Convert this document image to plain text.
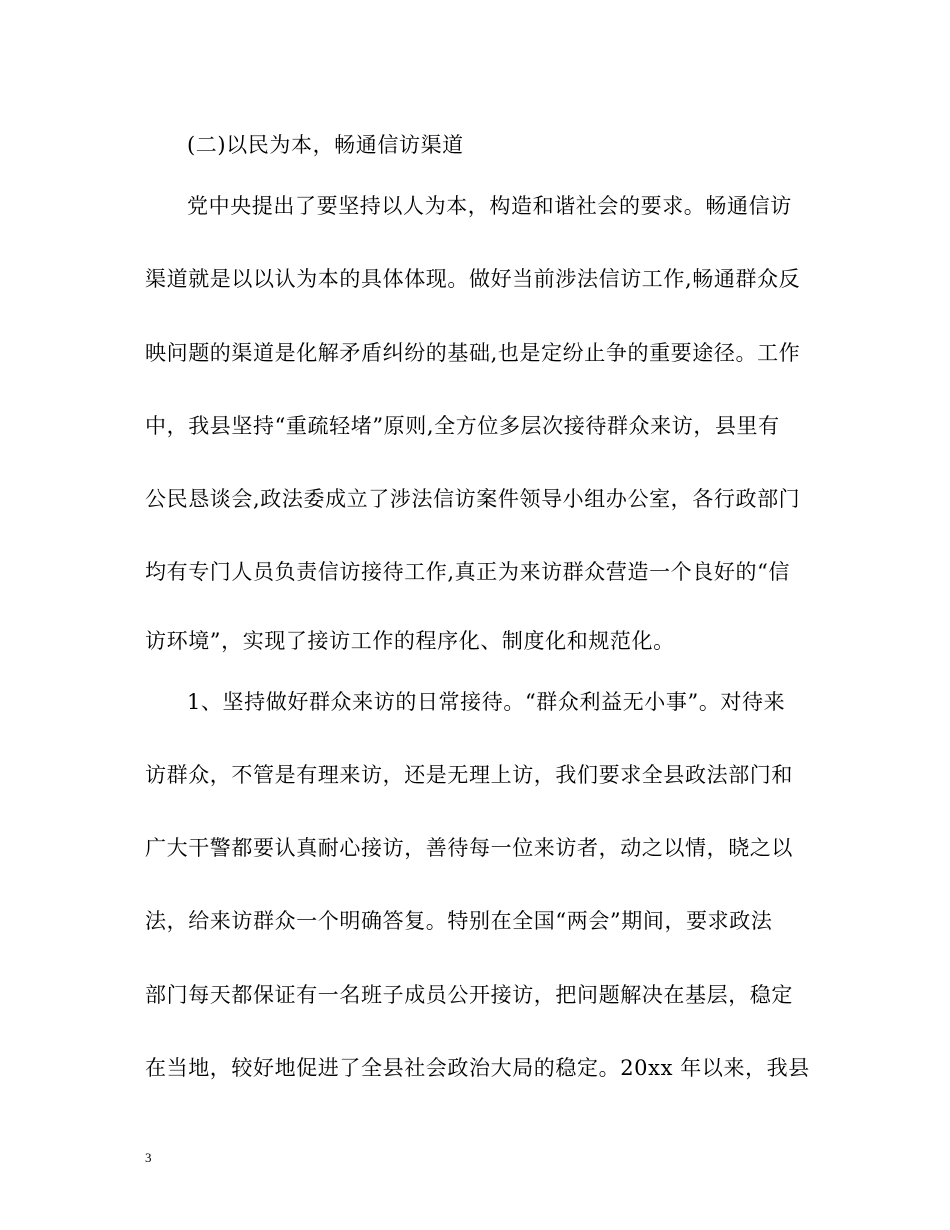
(二)以民为本，畅通信访渠道
党中央提出了要坚持以人为本，构造和谐社会的要求。畅通信访
渠道就是以以认为本的具体体现。做好当前涉法信访工作,畅通群众反
映问题的渠道是化解矛盾纠纷的基础,也是定纷止争的重要途径。工作
中，我县坚持“重疏轻堵”原则,全方位多层次接待群众来访，县里有
公民恳谈会,政法委成立了涉法信访案件领导小组办公室，各行政部门
均有专门人员负责信访接待工作,真正为来访群众营造一个良好的“信
访环境”，实现了接访工作的程序化、制度化和规范化。
1、坚持做好群众来访的日常接待。“群众利益无小事”。对待来
访群众，不管是有理来访，还是无理上访，我们要求全县政法部门和
广大干警都要认真耐心接访，善待每一位来访者，动之以情，晓之以
法，给来访群众一个明确答复。特别在全国“两会”期间，要求政法
部门每天都保证有一名班子成员公开接访，把问题解决在基层，稳定
在当地，较好地促进了全县社会政治大局的稳定。20xx 年以来，我县
3
